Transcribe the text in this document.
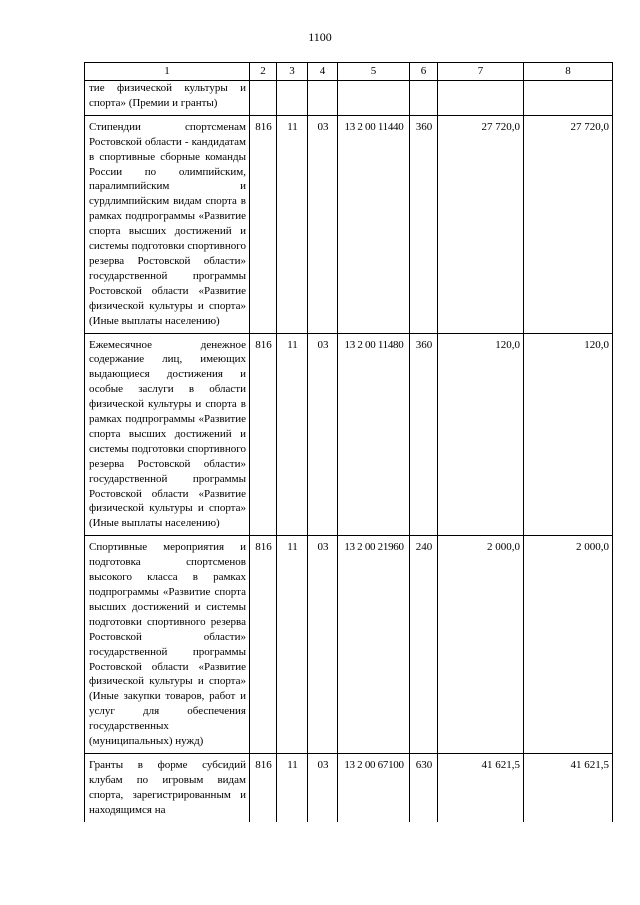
1100
1	2	3	4	5	6	7	8
тие физической культуры и спорта» (Премии и гранты)							
Стипендии спортсменам Ростовской области - кандидатам в спортивные сборные команды России по олимпийским, паралимпийским и сурдлимпийским видам спорта в рамках подпрограммы «Развитие спорта высших достижений и системы подготовки спортивного резерва Ростовской области» государственной программы Ростовской области «Развитие физической культуры и спорта» (Иные выплаты населению)	816	11	03	13 2 00 11440	360	27 720,0	27 720,0
Ежемесячное денежное содержание лиц, имеющих выдающиеся достижения и особые заслуги в области физической культуры и спорта в рамках подпрограммы «Развитие спорта высших достижений и системы подготовки спортивного резерва Ростовской области» государственной программы Ростовской области «Развитие физической культуры и спорта» (Иные выплаты населению)	816	11	03	13 2 00 11480	360	120,0	120,0
Спортивные мероприятия и подготовка спортсменов высокого класса в рамках подпрограммы «Развитие спорта высших достижений и системы подготовки спортивного резерва Ростовской области» государственной программы Ростовской области «Развитие физической культуры и спорта» (Иные закупки товаров, работ и услуг для обеспечения государственных (муниципальных) нужд)	816	11	03	13 2 00 21960	240	2 000,0	2 000,0
Гранты в форме субсидий клубам по игровым видам спорта, зарегистрированным и находящимся на	816	11	03	13 2 00 67100	630	41 621,5	41 621,5
